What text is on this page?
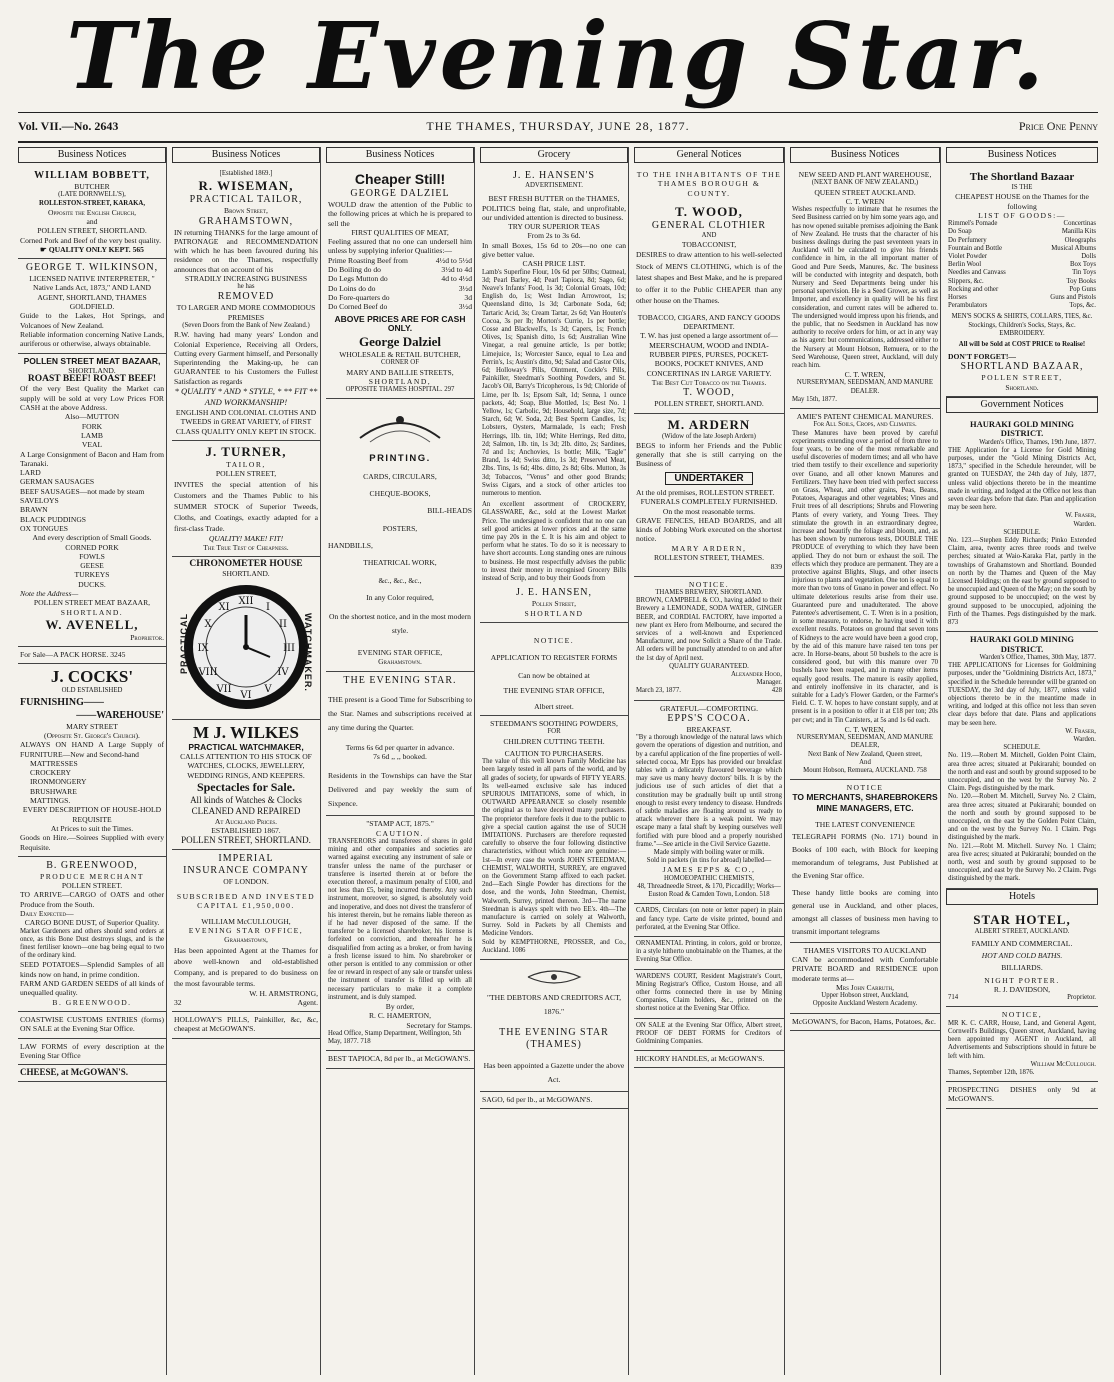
The Evening Star.
Vol. VII.—No. 2643	THE THAMES, THURSDAY, JUNE 28, 1877.	Price One Penny
Business Notices

WILLIAM BOBBETT,

BUTCHER

(LATE DORNWELL'S),

ROLLESTON-STREET, KARAKA,

Opposite the English Church,

and

POLLEN STREET, SHORTLAND.

Corned Pork and Beef of the very best quality.

☛ QUALITY ONLY KEPT. 565

GEORGE T. WILKINSON,

LICENSED NATIVE INTERPRETER, " Native Lands Act, 1873," AND LAND AGENT, SHORTLAND, THAMES GOLDFIELD.

Guide to the Lakes, Hot Springs, and Volcanoes of New Zealand.

Reliable information concerning Native Lands, auriferous or otherwise, always obtainable.

POLLEN STREET MEAT BAZAAR,

SHORTLAND.

ROAST BEEF! ROAST BEEF!

Of the very Best Quality the Market can supply will be sold at very Low Prices FOR CASH at the above Address.

Also—MUTTON

FORK
LAMB
VEAL

A Large Consignment of Bacon and Ham from Taranaki.

LARD
GERMAN SAUSAGES
BEEF SAUSAGES—not made by steam
SAVELOYS
BRAWN
BLACK PUDDINGS
OX TONGUES

And every description of Small Goods.

CORNED PORK
FOWLS
GEESE
TURKEYS
DUCKS.

Note the Address—

POLLEN STREET MEAT BAZAAR,

SHORTLAND.

W. AVENELL,

Proprietor.

For Sale—A PACK HORSE. 3245

J. COCKS'

OLD ESTABLISHED

FURNISHING——

——WAREHOUSE'

MARY STREET

(Opposite St. George's Church).

ALWAYS ON HAND A Large Supply of FURNITURE—New and Second-hand

MATTRESSES
CROCKERY
IRONMONGERY
BRUSHWARE
MATTINGS.

EVERY DESCRIPTION OF HOUSE-HOLD REQUISITE

At Prices to suit the Times.

Goods on Hire.—Soirees Supplied with every Requisite.

B. GREENWOOD,

PRODUCE MERCHANT

POLLEN STREET.

TO ARRIVE—CARGO of OATS and other Produce from the South.

Daily Expected—

CARGO BONE DUST, of Superior Quality.

Market Gardeners and others should send orders at once, as this Bone Dust destroys slugs, and is the finest fertiliser known—one bag being equal to two of the ordinary kind.

SEED POTATOES—Splendid Samples of all kinds now on hand, in prime condition.

FARM AND GARDEN SEEDS of all kinds of unequalled quality.

B. GREENWOOD.

COASTWISE CUSTOMS ENTRIES (forms) ON SALE at the Evening Star Office.

LAW FORMS of every description at the Evening Star Office

CHEESE, at McGOWAN'S.

Business Notices

[Established 1869.]

R. WISEMAN,

PRACTICAL TAILOR,

Brown Street,

GRAHAMSTOWN,

IN returning THANKS for the large amount of PATRONAGE and RECOMMENDATION with which he has been favoured during his residence on the Thames, respectfully announces that on account of his

STRADILY INCREASING BUSINESS

he has

REMOVED

TO LARGER AND MORE COMMODIOUS PREMISES

(Seven Doors from the Bank of New Zealand.)

R.W. having had many years' London and Colonial Experience, Receiving all Orders, Cutting every Garment himself, and Personally Superintending the Making-up, he can GUARANTEE to his Customers the Fullest Satisfaction as regards

* QUALITY * AND * STYLE, * ** FIT ** AND WORKMANSHIP!

ENGLISH AND COLONIAL CLOTHS AND TWEEDS in GREAT VARIETY, of FIRST CLASS QUALITY ONLY KEPT IN STOCK.

J. TURNER,

TAILOR,

POLLEN STREET,

INVITES the special attention of his Customers and the Thames Public to his SUMMER STOCK of Superior Tweeds, Cloths, and Coatings, exactly adapted for a first-class Trade.

QUALITY! MAKE! FIT!

The True Test of Cheapness.

CHRONOMETER HOUSE

SHORTLAND.

PRACTICAL
XII
I
II
III
IV
V
VI
VII
VIII
IX
X
XI
WATCHMAKER.

M J. WILKES

PRACTICAL WATCHMAKER,

CALLS ATTENTION TO HIS STOCK OF WATCHES, CLOCKS, JEWELLERY, WEDDING RINGS, AND KEEPERS.

Spectacles for Sale.

All kinds of Watches & Clocks CLEANED AND REPAIRED

At Auckland Prices.

ESTABLISHED 1867.

POLLEN STREET, SHORTLAND.

IMPERIAL

INSURANCE COMPANY

OF LONDON.

SUBSCRIBED AND INVESTED

CAPITAL £1,950,000.

WILLIAM McCULLOUGH,

EVENING STAR OFFICE,

Grahamstown,

Has been appointed Agent at the Thames for above well-known and old-established Company, and is prepared to do business on the most favourable terms.

W. H. ARMSTRONG,

32	Agent.

HOLLOWAY'S PILLS, Painkiller, &c, &c, cheapest at McGOWAN'S.

Business Notices

Cheaper Still!

GEORGE DALZIEL

WOULD draw the attention of the Public to the following prices at which he is prepared to sell the

FIRST QUALITIES OF MEAT,

Feeling assured that no one can undersell him unless by supplying inferior Qualities:—

Prime Roasting Beef from	4½d to 5½d

Do Boiling do do	3½d to 4d

Do Legs Mutton do	4d to 4½d

Do Loins do do	3½d

Do Fore-quarters do	3d

Do Corned Beef do	3½d

ABOVE PRICES ARE FOR CASH ONLY.

George Dalziel

WHOLESALE & RETAIL BUTCHER,

CORNER OF

MARY AND BAILLIE STREETS,

SHORTLAND,

OPPOSITE THAMES HOSPITAL. 297

PRINTING.

CARDS, CIRCULARS,

CHEQUE-BOOKS,

BILL-HEADS

POSTERS,

HANDBILLS,

THEATRICAL WORK,

&c., &c., &c.,

In any Color required,

On the shortest notice, and in the most modern style.

EVENING STAR OFFICE,

Grahamstown.

THE EVENING STAR.

THE present is a Good Time for Subscribing to the Star. Names and subscriptions received at any time during the Quarter.

Terms 6s 6d per quarter in advance.

7s 6d ,, ,, booked.

Residents in the Townships can have the Star Delivered and pay weekly the sum of Sixpence.

"STAMP ACT, 1875."

CAUTION.

TRANSFERORS and transferees of shares in gold mining and other companies and societies are warned against executing any instrument of sale or transfer unless the name of the purchaser or transferee is inserted therein at or before the execution thereof, a maximum penalty of £100, and not less than £5, being incurred thereby. Any such instrument, moreover, so signed, is absolutely void and inoperative, and does not divest the transferor of his interest therein, but he remains liable thereon as if he had never disposed of the same. If the transferor be a licensed sharebroker, his license is forfeited on conviction, and thereafter he is disqualified from acting as a broker, or from having a fresh license issued to him. No sharebroker or other person is entitled to any commission or other fee or reward in respect of any sale or transfer unless the instrument of transfer is filled up with all necessary particulars to make it a complete instrument, and is duly stamped.

By order,

R. C. HAMERTON,

Secretary for Stamps.

Head Office, Stamp Department, Wellington, 5th May, 1877. 718

BEST TAPIOCA, 8d per lb., at McGOWAN'S.

Grocery

J. E. HANSEN'S

ADVERTISEMENT.

BEST FRESH BUTTER on the THAMES,

POLITICS being flat, stale, and unprofitable, our undivided attention is directed to business.

TRY OUR SUPERIOR TEAS

From 2s to 3s 6d.

In small Boxes, 15s 6d to 20s—no one can give better value.

CASH PRICE LIST.

Lamb's Superfine Flour, 10s 6d per 50lbs; Oatmeal, 3d; Pearl Barley, 4d; Pearl Tapioca, 8d; Sago, 6d; Neave's Infants' Food, 1s 3d; Colonial Groats, 10d; English do, 1s; West Indian Arrowroot, 1s; Queensland ditto, 1s 3d; Carbonate Soda, 6d; Tartaric Acid, 3s; Cream Tartar, 2s 6d; Van Houten's Cocoa, 3s per lb; Morton's Currie, 1s per bottle; Cosse and Blackwell's, 1s 3d; Capers, 1s; French Olives, 1s; Spanish ditto, 1s 6d; Australian Wine Vinegar, a real genuine article, 1s per bottle; Limejuice, 1s; Worcester Sauce, equal to Lea and Perrin's, 1s; Austin's ditto, 9d; Salad and Castor Oils, 6d; Holloway's Pills, Ointment, Cockle's Pills, Painkiller, Steedman's Soothing Powders, and St. Jacob's Oil, Barry's Tricopherous, 1s 9d; Chloride of Lime, per lb. 1s; Epsom Salt, 1d; Senna, 1 ounce packets, 4d; Soap, Blue Mottled, 1s; Best No. 1 Yellow, 1s; Carbolic, 9d; Household, large size, 7d; Starch, 6d; W. Soda, 2d; Best Sperm Candles, 1s; Lobsters, Oysters, Marmalade, 1s each; Fresh Herrings, 1lb. tin, 10d; White Herrings, Red ditto, 2d; Salmon, 1lb. tin, 1s 3d; 2lb. ditto, 2s; Sardines, 7d and 1s; Anchovies, 1s bottle; Milk, "Eagle" Brand, 1s 4d; Swiss ditto, 1s 3d; Preserved Meat, 2lbs. Tins, 1s 6d; 4lbs. ditto, 2s 8d; 6lbs. Mutton, 3s 3d; Tobaccos, "Venus" and other good Brands; Swiss Cigars, and a stock of other articles too numerous to mention.

An excellent assortment of CROCKERY, GLASSWARE, &c., sold at the Lowest Market Price. The undersigned is confident that no one can sell good articles at lower prices and at the same time pay 20s in the £. It is his aim and object to perform what he states. To do so it is necessary to have short accounts. Long standing ones are ruinous to business. He most respectfully advises the public to invest their money in recognised Grocery Bills instead of Scrip, and to buy their Goods from

J. E. HANSEN,

Pollen Street,

SHORTLAND

NOTICE.

APPLICATION TO REGISTER FORMS

Can now be obtained at

THE EVENING STAR OFFICE,

Albert street.

STEEDMAN'S SOOTHING POWDERS,

FOR

CHILDREN CUTTING TEETH.

CAUTION TO PURCHASERS.

The value of this well known Family Medicine has been largely tested in all parts of the world, and by all grades of society, for upwards of FIFTY YEARS. Its well-earned exclusive sale has induced SPURIOUS IMITATIONS, some of which, in OUTWARD APPEARANCE so closely resemble the original as to have deceived many purchasers. The proprietor therefore feels it due to the public to give a special caution against the use of SUCH IMITATIONS. Purchasers are therefore requested carefully to observe the four following distinctive characteristics, without which none are genuine:— 1st—In every case the words JOHN STEEDMAN, CHEMIST, WALWORTH, SURREY, are engraved on the Government Stamp affixed to each packet. 2nd—Each Single Powder has directions for the dose, and the words, John Steedman, Chemist, Walworth, Surrey, printed thereon. 3rd—The name Steedman is always spelt with two EE's. 4th—The manufacture is carried on solely at Walworth, Surrey. Sold in Packets by all Chemists and Medicine Vendors.

Sold by KEMPTHORNE, PROSSER, and Co., Auckland. 1086

"THE DEBTORS AND CREDITORS ACT, 1876."

THE EVENING STAR (THAMES)

Has been appointed a Gazette under the above Act.

SAGO, 6d per lb., at McGOWAN'S.

General Notices

TO THE INHABITANTS OF THE THAMES BOROUGH & COUNTY.

T. WOOD,

GENERAL CLOTHIER

AND

TOBACCONIST,

DESIRES to draw attention to his well-selected Stock of MEN'S CLOTHING, which is of the latest shapes and Best Make, and he is prepared to offer it to the Public CHEAPER than any other house on the Thames.

TOBACCO, CIGARS, AND FANCY GOODS DEPARTMENT.

T. W. has just opened a large assortment of— MEERSCHAUM, WOOD and INDIA-RUBBER PIPES, PURSES, POCKET-BOOKS, POCKET KNIVES, AND CONCERTINAS IN LARGE VARIETY.

The Best Cut Tobacco on the Thames.

T. WOOD,

POLLEN STREET, SHORTLAND.

M. ARDERN

(Widow of the late Joseph Ardern)

BEGS to inform her Friends and the Public generally that she is still carrying on the Business of

UNDERTAKER

At the old premises, ROLLESTON STREET.

FUNERALS COMPLETELY FURNISHED.

On the most reasonable terms.

GRAVE FENCES, HEAD BOARDS, and all kinds of Jobbing Work executed on the shortest notice.

MARY ARDERN,

ROLLESTON STREET, THAMES.

839

NOTICE.

THAMES BREWERY, SHORTLAND.

BROWN, CAMPBELL & CO., having added to their Brewery a LEMONADE, SODA WATER, GINGER BEER, and CORDIAL FACTORY, have imported a new plant ex Hero from Melbourne, and secured the services of a well-known and Experienced Manufacturer, and now Solicit a Share of the Trade. All orders will be punctually attended to on and after the 1st day of April next.

QUALITY GUARANTEED.

Alexander Hood,

Manager.

March 23, 1877.	428

GRATEFUL—COMFORTING.

EPPS'S COCOA.

BREAKFAST.

"By a thorough knowledge of the natural laws which govern the operations of digestion and nutrition, and by a careful application of the fine properties of well-selected cocoa, Mr Epps has provided our breakfast tables with a delicately flavoured beverage which may save us many heavy doctors' bills. It is by the judicious use of such articles of diet that a constitution may be gradually built up until strong enough to resist every tendency to disease. Hundreds of subtle maladies are floating around us ready to attack wherever there is a weak point. We may escape many a fatal shaft by keeping ourselves well fortified with pure blood and a properly nourished frame."—See article in the Civil Service Gazette.

Made simply with boiling water or milk.

Sold in packets (in tins for abroad) labelled—

JAMES EPPS & CO.,

HOMOEOPATHIC CHEMISTS,

48, Threadneedle Street, & 170, Piccadilly; Works—Euston Road & Camden Town, London. 518

CARDS, Circulars (on note or letter paper) in plain and fancy type. Carte de visite printed, bound and perforated, at the Evening Star Office.

ORNAMENTAL Printing, in colors, gold or bronze, in a style hitherto unobtainable on the Thames, at the Evening Star Office.

WARDEN'S COURT, Resident Magistrate's Court, Mining Registrar's Office, Custom House, and all other forms connected there in use by Mining Companies, Claim holders, &c., printed on the shortest notice at the Evening Star Office.

ON SALE at the Evening Star Office, Albert street, PROOF OF DEBT FORMS for Creditors of Goldmining Companies.

HICKORY HANDLES, at McGOWAN'S.

Business Notices

NEW SEED AND PLANT WAREHOUSE,

(NEXT BANK OF NEW ZEALAND,)

QUEEN STREET AUCKLAND.

C. T. WREN

Wishes respectfully to intimate that he resumes the Seed Business carried on by him some years ago, and has now opened suitable premises adjoining the Bank of New Zealand. He trusts that the character of his business dealings during the past seventeen years in Auckland will be calculated to give his friends confidence in him, in the all important matter of Good and Pure Seeds, Manures, &c. The business will be conducted with integrity and despatch, both Nursery and Seed Departments being under his personal supervision. He is a Seed Grower, as well as Importer, and excellency in quality will be his first consideration, and current rates will be adhered to. The undersigned would impress upon his friends, and the public, that no Seedsmen in Auckland has now authority to receive orders for him, or act in any way as his agent: but communications, addressed either to the Nursery at Mount Hobson, Remuera, or to the Seed Warehouse, Queen street, Auckland, will duly reach him.

C. T. WREN,

NURSERYMAN, SEEDSMAN, AND MANURE DEALER.

May 15th, 1877.

AMIE'S PATENT CHEMICAL MANURES.

For All Soils, Crops, and Climates.

These Manures have been proved by careful experiments extending over a period of from three to four years, to be one of the most remarkable and useful discoveries of modern times; and all who have tried them testify to their excellence and superiority over Guano, and all other known Manures and Fertilizers. They have been tried with perfect success on Grass, Wheat, and other grains, Peas, Beans, Potatoes, Asparagus and other vegetables; Vines and Fruit trees of all descriptions; Shrubs and Flowering Plants of every variety, and Young Trees. They stimulate the growth in an extraordinary degree, increase and beautify the foliage and bloom, and, as has been shown by numerous tests, DOUBLE THE PRODUCE of everything to which they have been applied. They do not burn or exhaust the soil. The effects which they produce are permanent. They are a protective against Blights, Slugs, and other insects injurious to plants and vegetation. One ton is equal to more than two tons of Guano in power and effect. No ultimate deleterious results arise from their use. Guaranteed pure and unadulterated. The above Patentee's advertisement, C. T. Wren is in a position, in some measure, to endorse, he having used it with excellent results. Potatoes on ground that seven tons of Kidneys to the acre would have been a good crop, by the aid of this manure have raised ten tons per acre. In Horse-beans, about 50 bushels to the acre is considered good, but with this manure over 70 bushels have been reaped, and in many other items equally good results. The manure is easily applied, and entirely inoffensive in its character, and is suitable for a Lady's Flower Garden, or the Farmer's Field. C. T. W. hopes to have constant supply, and at present is in a position to offer it at £18 per ton; 20s per cwt; and in Tin Canisters, at 5s and 1s 6d each.

C. T. WREN,

NURSERYMAN, SEEDSMAN, AND MANURE DEALER,

Next Bank of New Zealand, Queen street,

And

Mount Hobson, Remuera, AUCKLAND. 758

NOTICE

TO MERCHANTS, SHAREBROKERS MINE MANAGERS, ETC.

THE LATEST CONVENIENCE

TELEGRAPH FORMS (No. 171) bound in Books of 100 each, with Block for keeping memorandum of telegrams, Just Published at the Evening Star office.

These handy little books are coming into general use in Auckland, and other places, amongst all classes of business men having to transmit important telegrams

THAMES VISITORS TO AUCKLAND

CAN be accommodated with Comfortable PRIVATE BOARD and RESIDENCE upon moderate terms at—

Mrs John Carruth,

Upper Hobson street, Auckland,

Opposite Auckland Western Academy.

McGOWAN'S, for Bacon, Hams, Potatoes, &c.

Business Notices

The Shortland Bazaar

IS THE

CHEAPEST HOUSE on the Thames for the following

LIST OF GOODS:—

Rimmel's Pomade	Concertinas

Do Soap	Manilla Kits

Do Perfumery	Oleographs

Fountain and Bottle	Musical Albums

Violet Powder	Dolls

Berlin Wool	Box Toys

Needles and Canvass	Tin Toys

Slippers, &c.	Toy Books

Rocking and other	Pop Guns

Horses	Guns and Pistols

Perambulators	Tops, &c.

MEN'S SOCKS & SHIRTS, COLLARS, TIES, &c.

Stockings, Children's Socks, Stays, &c. EMBROIDERY.

All will be Sold at COST PRICE to Realise!

DON'T FORGET!—

SHORTLAND BAZAAR,

POLLEN STREET,

Shortland.

Government Notices

HAURAKI GOLD MINING DISTRICT.

Warden's Office, Thames, 19th June, 1877.

THE Application for a License for Gold Mining purposes, under the "Gold Mining Districts Act, 1873," specified in the Schedule hereunder, will be granted on TUESDAY, the 24th day of July, 1877, unless valid objections thereto be in the meantime made in writing, and lodged at the Office not less than seven clear days before that date. Plan and application may be seen here.

W. Fraser,

Warden.

SCHEDULE.

No. 123.—Stephen Eddy Richards; Pinko Extended Claim, area, twenty acres three roods and twelve perches; situated at Waio-Karaka Flat, partly in the townships of Grahamstown and Shortland. Bounded on north by the Thames and Queen of the May Licensed Holdings; on the east by ground supposed to be unoccupied and Queen of the May; on the south by ground supposed to be unoccupied; on the west by ground supposed to be unoccupied, adjoining the Firth of the Thames. Pegs distinguished by the mark. 873

HAURAKI GOLD MINING DISTRICT.

Warden's Office, Thames, 30th May, 1877.

THE APPLICATIONS for Licenses for Goldmining purposes, under the "Goldmining Districts Act, 1873," specified in the Schedule hereunder will be granted on TUESDAY, the 3rd day of July, 1877, unless valid objections thereto be in the meantime made in writing, and lodged at this office not less than seven clear days before that date. Plans and applications may be seen here.

W. Fraser,

Warden.

SCHEDULE.

No. 119.—Robert M. Mitchell, Golden Point Claim, area three acres; situated at Pukirarahi; bounded on the north and east and south by ground supposed to be unoccupied, and on the west by the Survey No. 2 Claim. Pegs distinguished by the mark.

No. 120.—Robert M. Mitchell, Survey No. 2 Claim, area three acres; situated at Pukirarahi; bounded on the north and south by ground supposed to be unoccupied, on the east by the Golden Point Claim, and on the west by the Survey No. 1 Claim. Pegs distinguished by the mark.

No. 121.—Robt M. Mitchell. Survey No. 1 Claim; area five acres; situated at Pukirarahi; bounded on the north, west and south by ground supposed to be unoccupied, and east by the Survey No. 2 Claim. Pegs distinguished by the mark.

Hotels

STAR HOTEL,

ALBERT STREET, AUCKLAND.

FAMILY AND COMMERCIAL.

HOT AND COLD BATHS.

BILLIARDS.

NIGHT PORTER.

R. J. DAVIDSON,

714	Proprietor.

NOTICE,

MR K. C. CARR, House, Land, and General Agent, Cornwell's Buildings, Queen street, Auckland, having been appointed my AGENT in Auckland, all Advertisements and Subscriptions should in future be left with him.

William McCullough.

Thames, September 12th, 1876.

PROSPECTING DISHES only 9d at McGOWAN'S.
